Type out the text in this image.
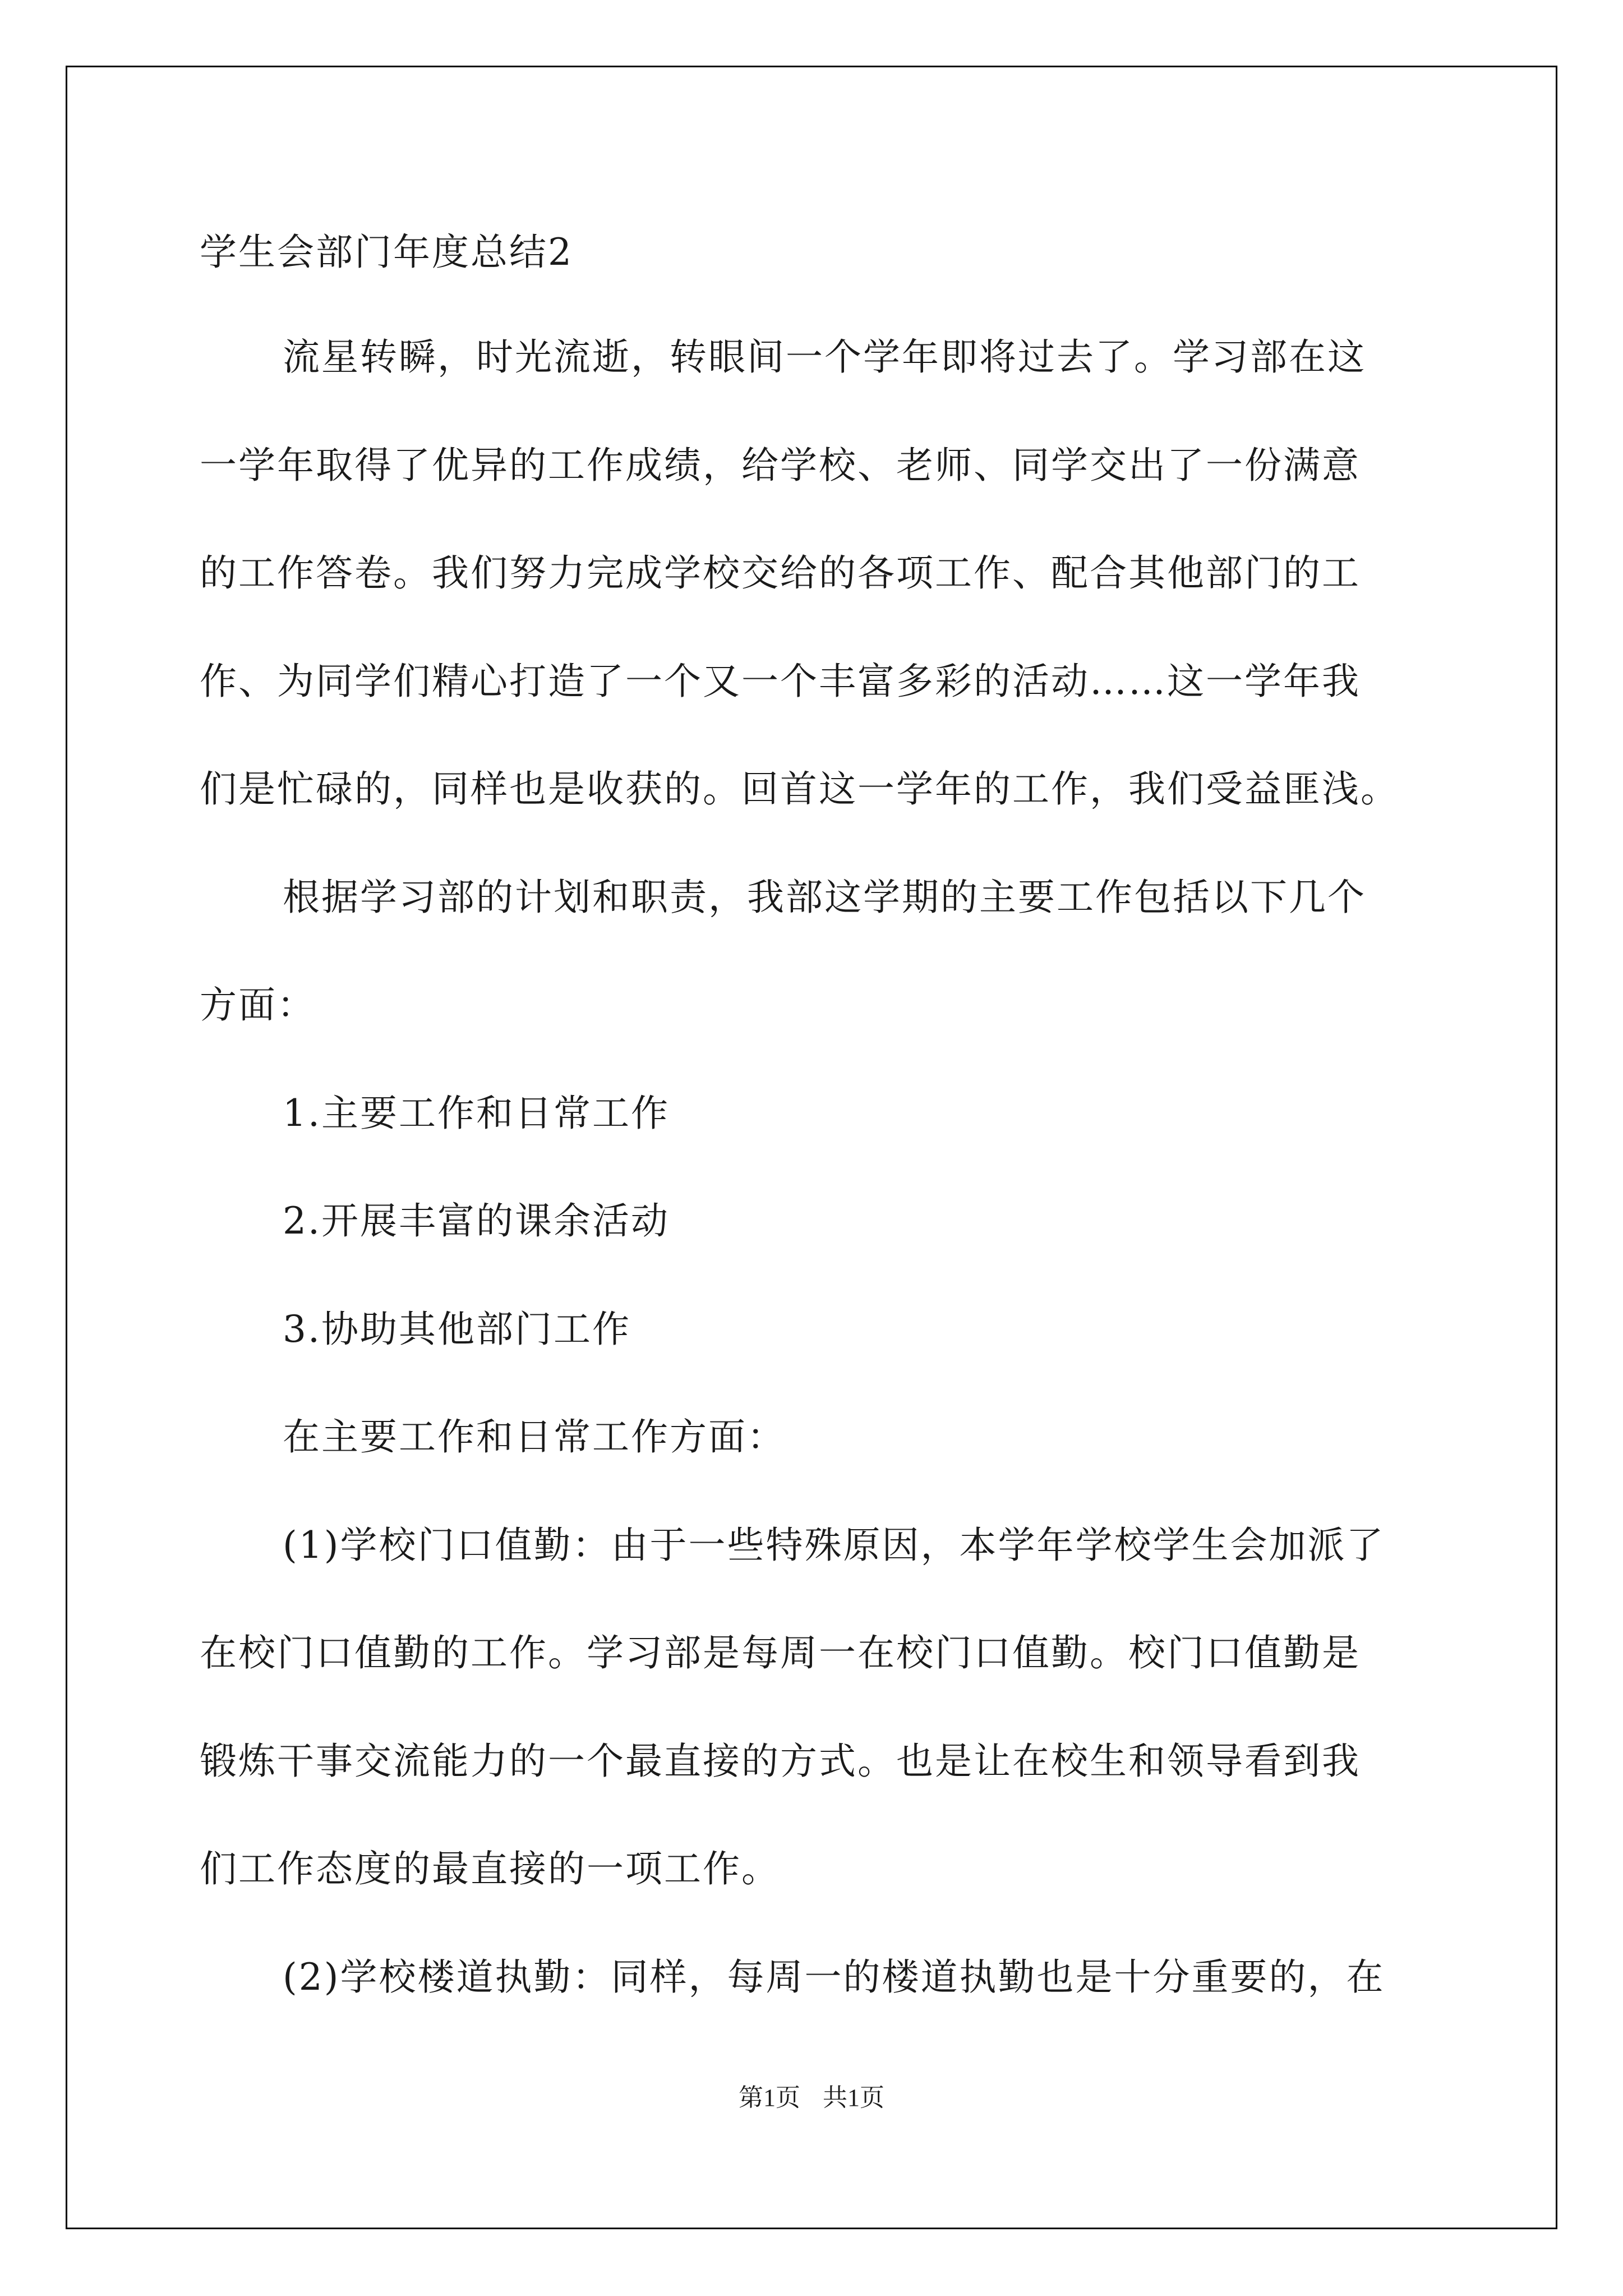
学生会部门年度总结2
流星转瞬，时光流逝，转眼间一个学年即将过去了。学习部在这
一学年取得了优异的工作成绩，给学校、老师、同学交出了一份满意
的工作答卷。我们努力完成学校交给的各项工作、配合其他部门的工
作、为同学们精心打造了一个又一个丰富多彩的活动……这一学年我
们是忙碌的，同样也是收获的。回首这一学年的工作，我们受益匪浅。
根据学习部的计划和职责，我部这学期的主要工作包括以下几个
方面：
1.主要工作和日常工作
2.开展丰富的课余活动
3.协助其他部门工作
在主要工作和日常工作方面：
(1)学校门口值勤：由于一些特殊原因，本学年学校学生会加派了
在校门口值勤的工作。学习部是每周一在校门口值勤。校门口值勤是
锻炼干事交流能力的一个最直接的方式。也是让在校生和领导看到我
们工作态度的最直接的一项工作。
(2)学校楼道执勤：同样，每周一的楼道执勤也是十分重要的，在
第1页 共1页
